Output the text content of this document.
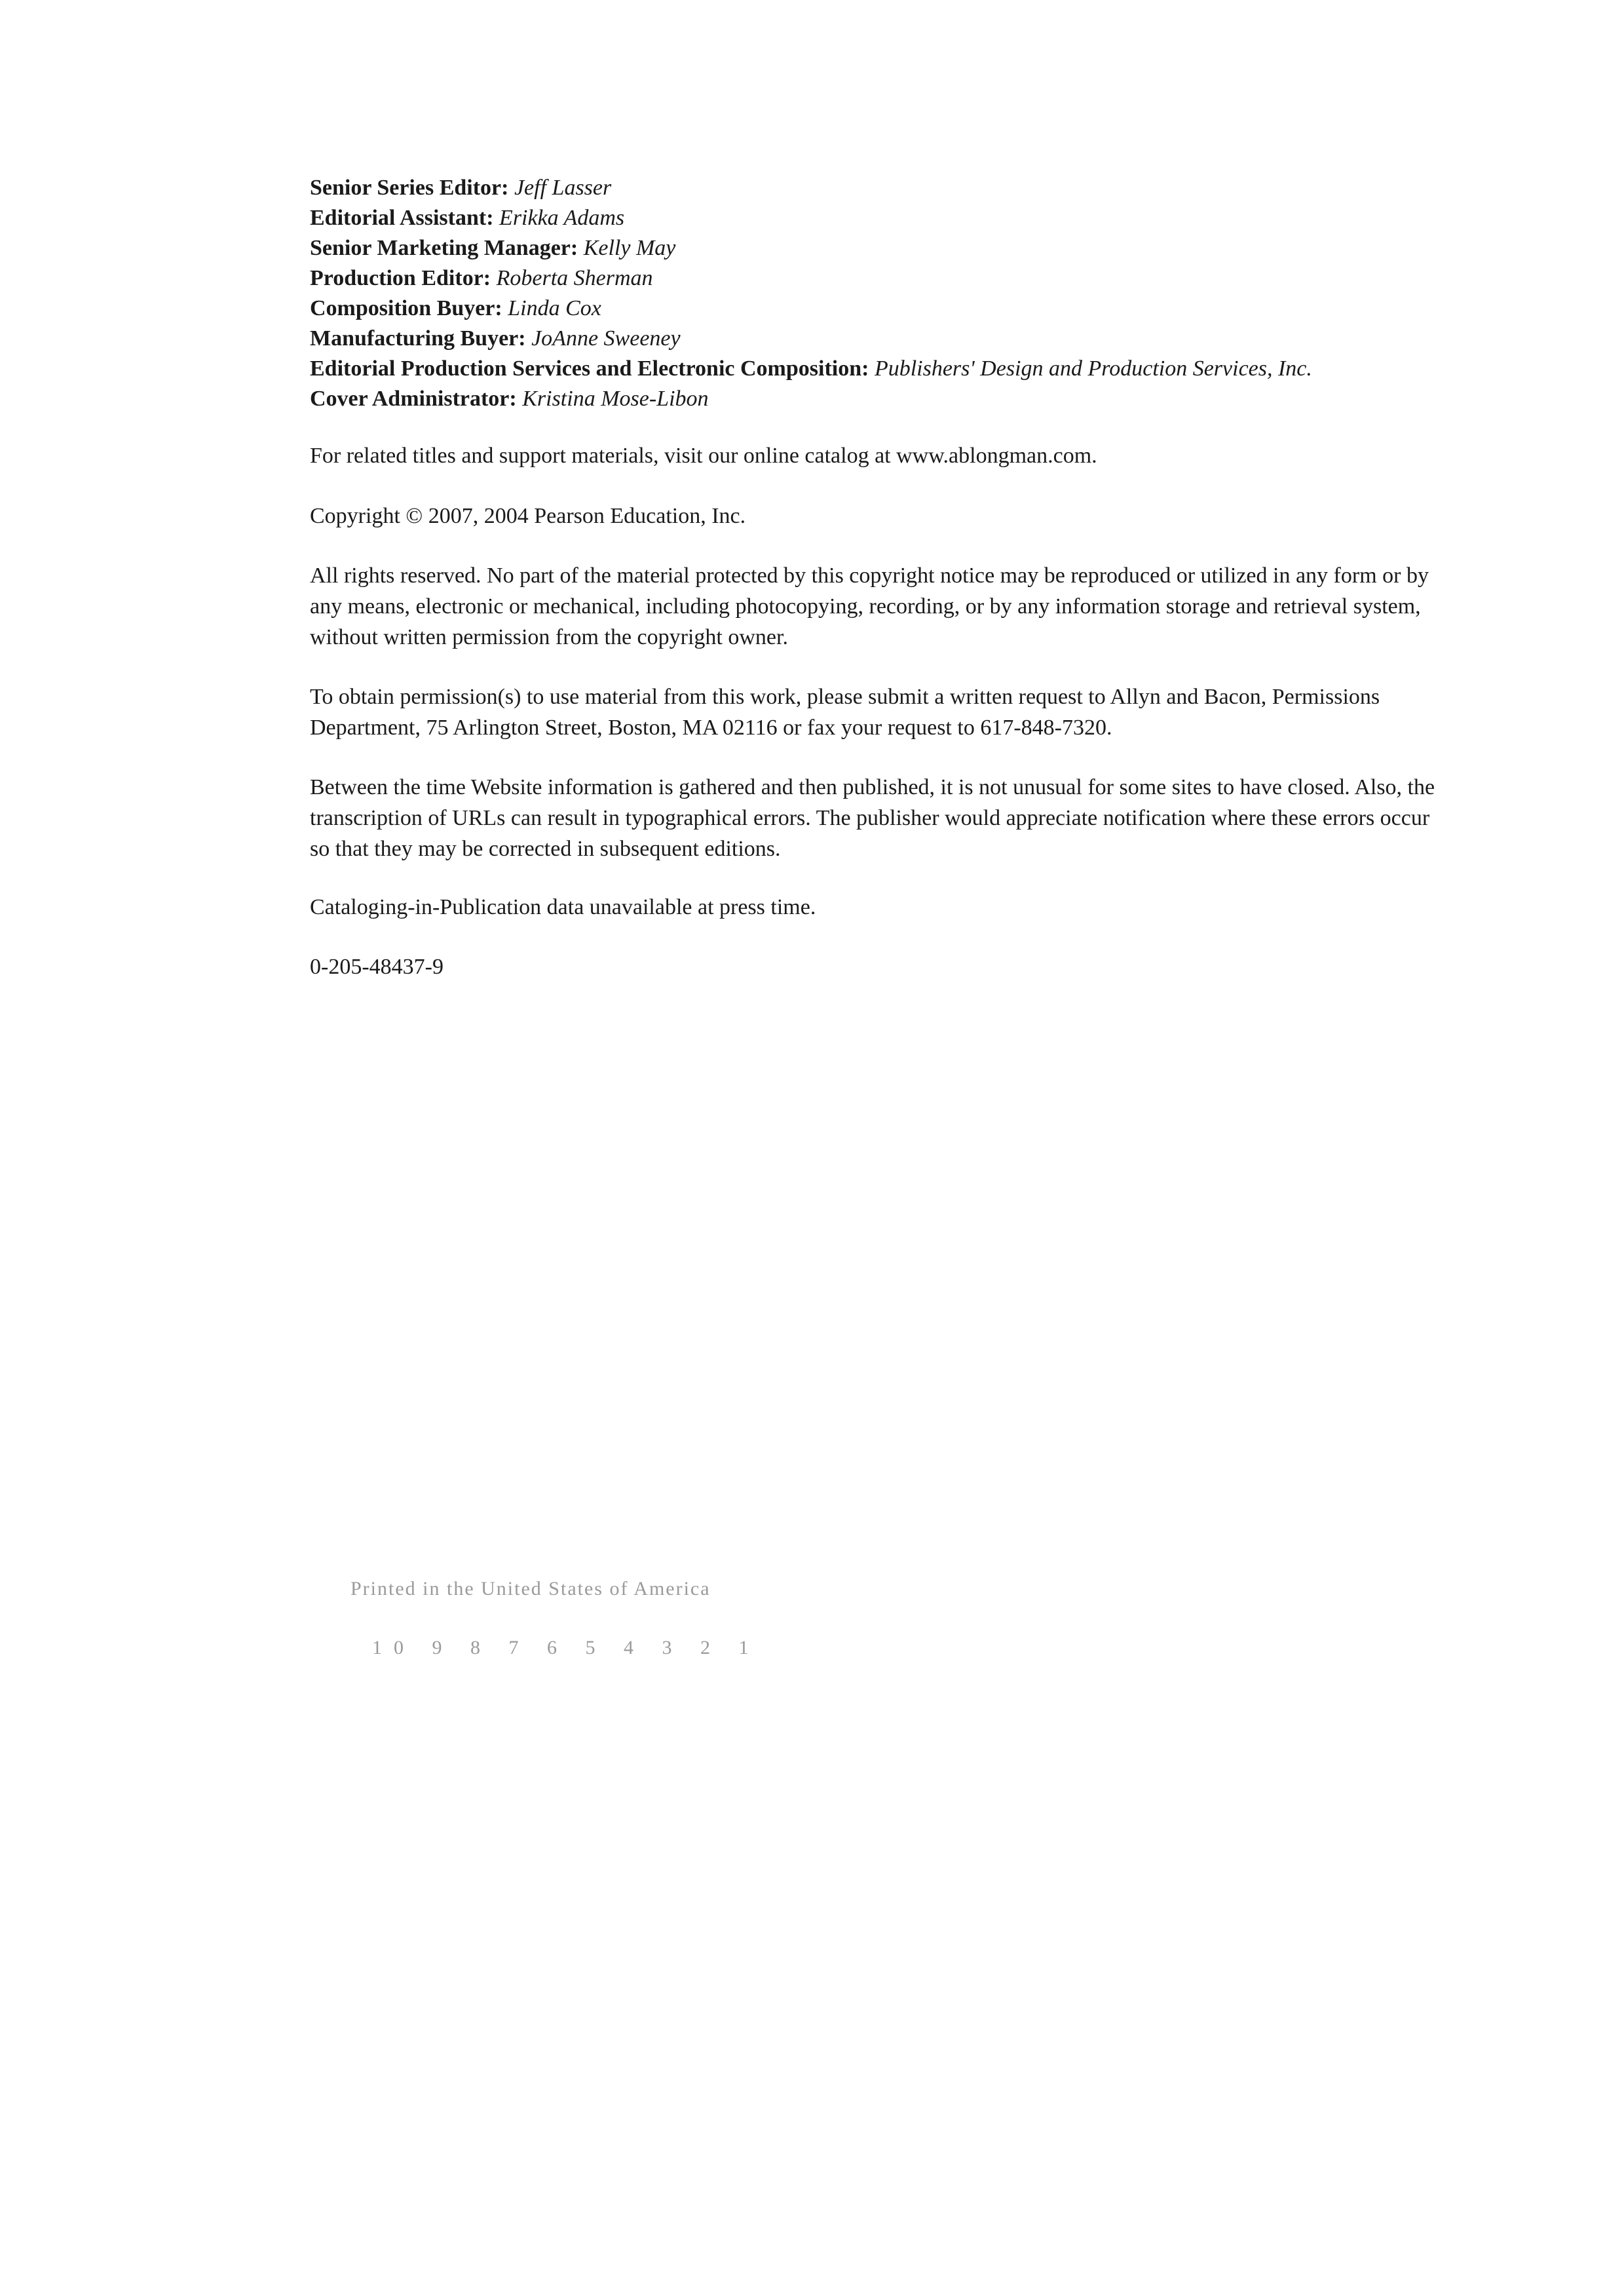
Senior Series Editor: Jeff Lasser
Editorial Assistant: Erikka Adams
Senior Marketing Manager: Kelly May
Production Editor: Roberta Sherman
Composition Buyer: Linda Cox
Manufacturing Buyer: JoAnne Sweeney
Editorial Production Services and Electronic Composition: Publishers' Design and Production Services, Inc.
Cover Administrator: Kristina Mose-Libon

For related titles and support materials, visit our online catalog at www.ablongman.com.

Copyright © 2007, 2004 Pearson Education, Inc.

All rights reserved. No part of the material protected by this copyright notice may be reproduced or utilized in any form or by any means, electronic or mechanical, including photocopying, recording, or by any information storage and retrieval system, without written permission from the copyright owner.

To obtain permission(s) to use material from this work, please submit a written request to Allyn and Bacon, Permissions Department, 75 Arlington Street, Boston, MA 02116 or fax your request to 617-848-7320.

Between the time Website information is gathered and then published, it is not unusual for some sites to have closed. Also, the transcription of URLs can result in typographical errors. The publisher would appreciate notification where these errors occur so that they may be corrected in subsequent editions.

Cataloging-in-Publication data unavailable at press time.

0-205-48437-9

Printed in the United States of America
10 9 8 7 6 5 4 3 2 1
